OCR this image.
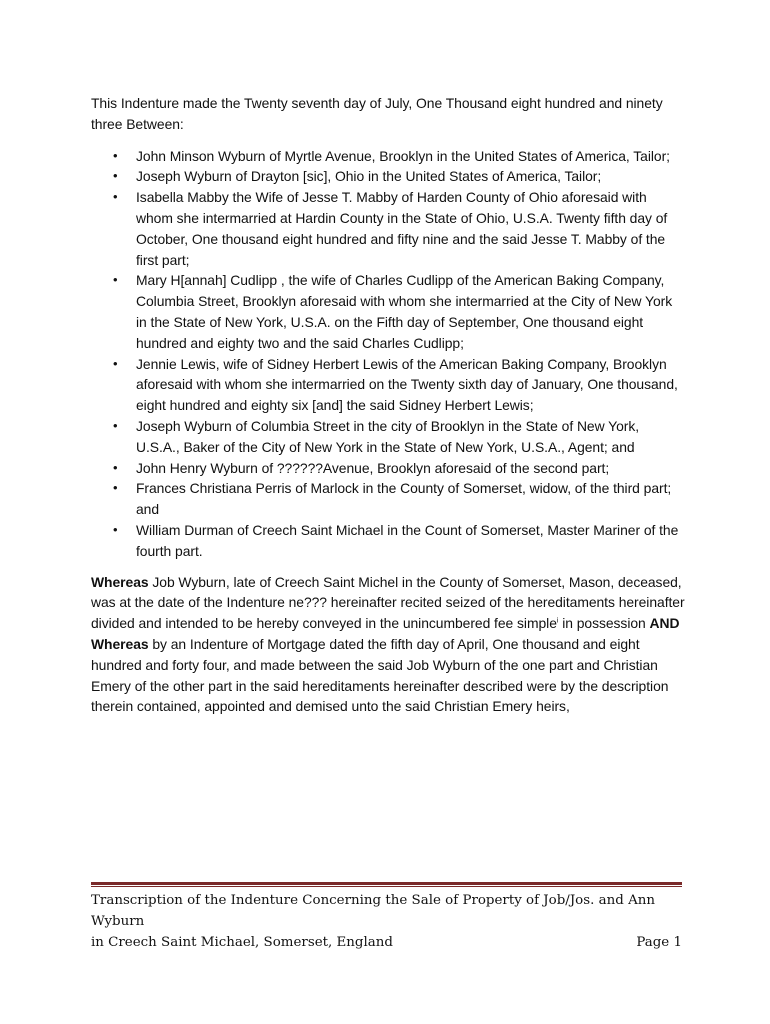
This Indenture made the Twenty seventh day of July, One Thousand eight hundred and ninety three Between:

• John Minson Wyburn of Myrtle Avenue, Brooklyn in the United States of America, Tailor;
• Joseph Wyburn of Drayton [sic], Ohio in the United States of America, Tailor;
• Isabella Mabby the Wife of Jesse T. Mabby of Harden County of Ohio aforesaid with whom she intermarried at Hardin County in the State of Ohio, U.S.A. Twenty fifth day of October, One thousand eight hundred and fifty nine and the said Jesse T. Mabby of the first part;
• Mary H[annah] Cudlipp , the wife of Charles Cudlipp of the American Baking Company, Columbia Street, Brooklyn aforesaid with whom she intermarried at the City of New York in the State of New York, U.S.A. on the Fifth day of September, One thousand eight hundred and eighty two and the said Charles Cudlipp;
• Jennie Lewis, wife of Sidney Herbert Lewis of the American Baking Company, Brooklyn aforesaid with whom she intermarried on the Twenty sixth day of January, One thousand, eight hundred and eighty six [and] the said Sidney Herbert Lewis;
• Joseph Wyburn of Columbia Street in the city of Brooklyn in the State of New York, U.S.A., Baker of the City of New York in the State of New York, U.S.A., Agent; and
• John Henry Wyburn of ??????Avenue, Brooklyn aforesaid of the second part;
• Frances Christiana Perris of Marlock in the County of Somerset, widow, of the third part; and
• William Durman of Creech Saint Michael in the Count of Somerset, Master Mariner of the fourth part.

Whereas Job Wyburn, late of Creech Saint Michel in the County of Somerset, Mason, deceased, was at the date of the Indenture ne??? hereinafter recited seized of the hereditaments hereinafter divided and intended to be hereby conveyed in the unincumbered fee simple$^i$ in possession AND Whereas by an Indenture of Mortgage dated the fifth day of April, One thousand and eight hundred and forty four, and made between the said Job Wyburn of the one part and Christian Emery of the other part in the said hereditaments hereinafter described were by the description therein contained, appointed and demised unto the said Christian Emery heirs,

Transcription of the Indenture Concerning the Sale of Property of Job/Jos. and Ann Wyburn
in Creech Saint Michael, Somerset, England	Page 1
